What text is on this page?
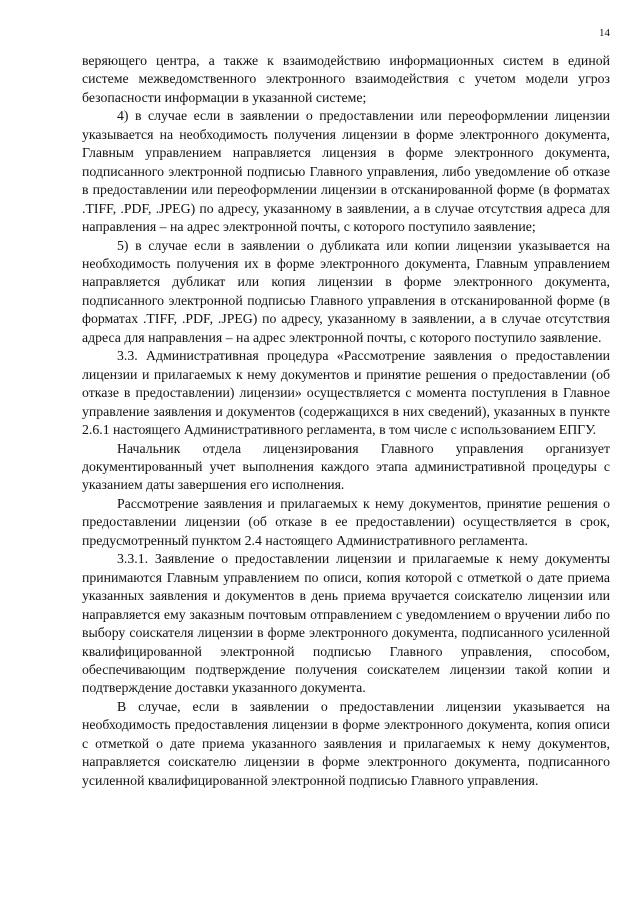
14

веряющего центра, а также к взаимодействию информационных систем в единой системе межведомственного электронного взаимодействия с учетом модели угроз безопасности информации в указанной системе;

4) в случае если в заявлении о предоставлении или переоформлении лицензии указывается на необходимость получения лицензии в форме электронного документа, Главным управлением направляется лицензия в форме электронного документа, подписанного электронной подписью Главного управления, либо уведомление об отказе в предоставлении или переоформлении лицензии в отсканированной форме (в форматах .TIFF, .PDF, .JPEG) по адресу, указанному в заявлении, а в случае отсутствия адреса для направления – на адрес электронной почты, с которого поступило заявление;

5) в случае если в заявлении о дубликата или копии лицензии указывается на необходимость получения их в форме электронного документа, Главным управлением направляется дубликат или копия лицензии в форме электронного документа, подписанного электронной подписью Главного управления в отсканированной форме (в форматах .TIFF, .PDF, .JPEG) по адресу, указанному в заявлении, а в случае отсутствия адреса для направления – на адрес электронной почты, с которого поступило заявление.

3.3. Административная процедура «Рассмотрение заявления о предоставлении лицензии и прилагаемых к нему документов и принятие решения о предоставлении (об отказе в предоставлении) лицензии» осуществляется с момента поступления в Главное управление заявления и документов (содержащихся в них сведений), указанных в пункте 2.6.1 настоящего Административного регламента, в том числе с использованием ЕПГУ.

Начальник отдела лицензирования Главного управления организует документированный учет выполнения каждого этапа административной процедуры с указанием даты завершения его исполнения.

Рассмотрение заявления и прилагаемых к нему документов, принятие решения о предоставлении лицензии (об отказе в ее предоставлении) осуществляется в срок, предусмотренный пунктом 2.4 настоящего Административного регламента.

3.3.1. Заявление о предоставлении лицензии и прилагаемые к нему документы принимаются Главным управлением по описи, копия которой с отметкой о дате приема указанных заявления и документов в день приема вручается соискателю лицензии или направляется ему заказным почтовым отправлением с уведомлением о вручении либо по выбору соискателя лицензии в форме электронного документа, подписанного усиленной квалифицированной электронной подписью Главного управления, способом, обеспечивающим подтверждение получения соискателем лицензии такой копии и подтверждение доставки указанного документа.

В случае, если в заявлении о предоставлении лицензии указывается на необходимость предоставления лицензии в форме электронного документа, копия описи с отметкой о дате приема указанного заявления и прилагаемых к нему документов, направляется соискателю лицензии в форме электронного документа, подписанного усиленной квалифицированной электронной подписью Главного управления.
